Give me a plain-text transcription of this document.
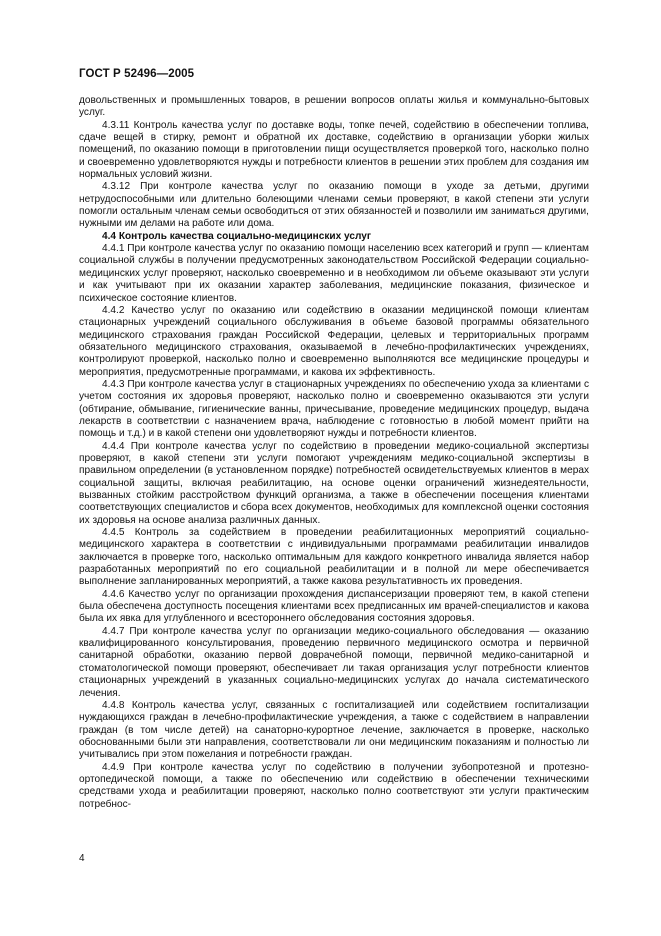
ГОСТ Р 52496—2005

довольственных и промышленных товаров, в решении вопросов оплаты жилья и коммунально-бытовых услуг.

4.3.11 Контроль качества услуг по доставке воды, топке печей, содействию в обеспечении топлива, сдаче вещей в стирку, ремонт и обратной их доставке, содействию в организации уборки жилых помещений, по оказанию помощи в приготовлении пищи осуществляется проверкой того, насколько полно и своевременно удовлетворяются нужды и потребности клиентов в решении этих проблем для создания им нормальных условий жизни.

4.3.12 При контроле качества услуг по оказанию помощи в уходе за детьми, другими нетрудоспособными или длительно болеющими членами семьи проверяют, в какой степени эти услуги помогли остальным членам семьи освободиться от этих обязанностей и позволили им заниматься другими, нужными им делами на работе или дома.

4.4 Контроль качества социально-медицинских услуг

4.4.1 При контроле качества услуг по оказанию помощи населению всех категорий и групп — клиентам социальной службы в получении предусмотренных законодательством Российской Федерации социально-медицинских услуг проверяют, насколько своевременно и в необходимом ли объеме оказывают эти услуги и как учитывают при их оказании характер заболевания, медицинские показания, физическое и психическое состояние клиентов.

4.4.2 Качество услуг по оказанию или содействию в оказании медицинской помощи клиентам стационарных учреждений социального обслуживания в объеме базовой программы обязательного медицинского страхования граждан Российской Федерации, целевых и территориальных программ обязательного медицинского страхования, оказываемой в лечебно-профилактических учреждениях, контролируют проверкой, насколько полно и своевременно выполняются все медицинские процедуры и мероприятия, предусмотренные программами, и какова их эффективность.

4.4.3 При контроле качества услуг в стационарных учреждениях по обеспечению ухода за клиентами с учетом состояния их здоровья проверяют, насколько полно и своевременно оказываются эти услуги (обтирание, обмывание, гигиенические ванны, причесывание, проведение медицинских процедур, выдача лекарств в соответствии с назначением врача, наблюдение с готовностью в любой момент прийти на помощь и т.д.) и в какой степени они удовлетворяют нужды и потребности клиентов.

4.4.4 При контроле качества услуг по содействию в проведении медико-социальной экспертизы проверяют, в какой степени эти услуги помогают учреждениям медико-социальной экспертизы в правильном определении (в установленном порядке) потребностей освидетельствуемых клиентов в мерах социальной защиты, включая реабилитацию, на основе оценки ограничений жизнедеятельности, вызванных стойким расстройством функций организма, а также в обеспечении посещения клиентами соответствующих специалистов и сбора всех документов, необходимых для комплексной оценки состояния их здоровья на основе анализа различных данных.

4.4.5 Контроль за содействием в проведении реабилитационных мероприятий социально-медицинского характера в соответствии с индивидуальными программами реабилитации инвалидов заключается в проверке того, насколько оптимальным для каждого конкретного инвалида является набор разработанных мероприятий по его социальной реабилитации и в полной ли мере обеспечивается выполнение запланированных мероприятий, а также какова результативность их проведения.

4.4.6 Качество услуг по организации прохождения диспансеризации проверяют тем, в какой степени была обеспечена доступность посещения клиентами всех предписанных им врачей-специалистов и какова была их явка для углубленного и всестороннего обследования состояния здоровья.

4.4.7 При контроле качества услуг по организации медико-социального обследования — оказанию квалифицированного консультирования, проведению первичного медицинского осмотра и первичной санитарной обработки, оказанию первой доврачебной помощи, первичной медико-санитарной и стоматологической помощи проверяют, обеспечивает ли такая организация услуг потребности клиентов стационарных учреждений в указанных социально-медицинских услугах до начала систематического лечения.

4.4.8 Контроль качества услуг, связанных с госпитализацией или содействием госпитализации нуждающихся граждан в лечебно-профилактические учреждения, а также с содействием в направлении граждан (в том числе детей) на санаторно-курортное лечение, заключается в проверке, насколько обоснованными были эти направления, соответствовали ли они медицинским показаниям и полностью ли учитывались при этом пожелания и потребности граждан.

4.4.9 При контроле качества услуг по содействию в получении зубопротезной и протезно-ортопедической помощи, а также по обеспечению или содействию в обеспечении техническими средствами ухода и реабилитации проверяют, насколько полно соответствуют эти услуги практическим потребнос-

4
